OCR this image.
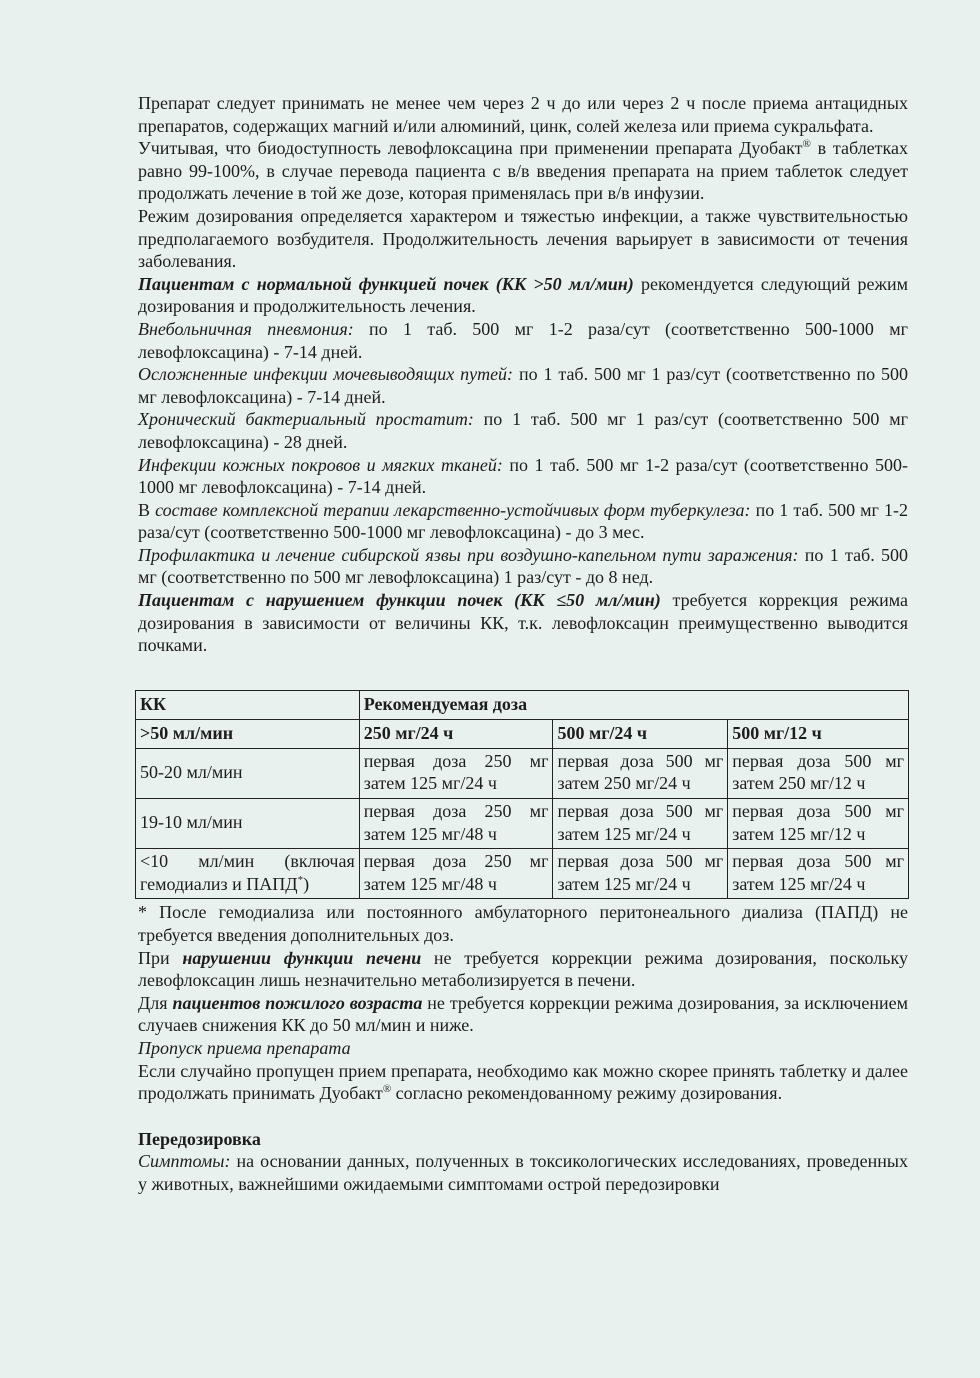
Препарат следует принимать не менее чем через 2 ч до или через 2 ч после приема антацидных препаратов, содержащих магний и/или алюминий, цинк, солей железа или приема сукральфата.

Учитывая, что биодоступность левофлоксацина при применении препарата Дуобакт® в таблетках равно 99-100%, в случае перевода пациента с в/в введения препарата на прием таблеток следует продолжать лечение в той же дозе, которая применялась при в/в инфузии.

Режим дозирования определяется характером и тяжестью инфекции, а также чувствительностью предполагаемого возбудителя. Продолжительность лечения варьирует в зависимости от течения заболевания.

Пациентам с нормальной функцией почек (КК >50 мл/мин) рекомендуется следующий режим дозирования и продолжительность лечения.

Внебольничная пневмония: по 1 таб. 500 мг 1-2 раза/сут (соответственно 500-1000 мг левофлоксацина) - 7-14 дней.

Осложненные инфекции мочевыводящих путей: по 1 таб. 500 мг 1 раз/сут (соответственно по 500 мг левофлоксацина) - 7-14 дней.

Хронический бактериальный простатит: по 1 таб. 500 мг 1 раз/сут (соответственно 500 мг левофлоксацина) - 28 дней.

Инфекции кожных покровов и мягких тканей: по 1 таб. 500 мг 1-2 раза/сут (соответственно 500-1000 мг левофлоксацина) - 7-14 дней.

В составе комплексной терапии лекарственно-устойчивых форм туберкулеза: по 1 таб. 500 мг 1-2 раза/сут (соответственно 500-1000 мг левофлоксацина) - до 3 мес.

Профилактика и лечение сибирской язвы при воздушно-капельном пути заражения: по 1 таб. 500 мг (соответственно по 500 мг левофлоксацина) 1 раз/сут - до 8 нед.

Пациентам с нарушением функции почек (КК ≤50 мл/мин) требуется коррекция режима дозирования в зависимости от величины КК, т.к. левофлоксацин преимущественно выводится почками.

КК	Рекомендуемая доза		
>50 мл/мин	250 мг/24 ч	500 мг/24 ч	500 мг/12 ч
50-20 мл/мин	первая доза 250 мг затем 125 мг/24 ч	первая доза 500 мг затем 250 мг/24 ч	первая доза 500 мг затем 250 мг/12 ч
19-10 мл/мин	первая доза 250 мг затем 125 мг/48 ч	первая доза 500 мг затем 125 мг/24 ч	первая доза 500 мг затем 125 мг/12 ч
<10 мл/мин (включая гемодиализ и ПАПД*)	первая доза 250 мг затем 125 мг/48 ч	первая доза 500 мг затем 125 мг/24 ч	первая доза 500 мг затем 125 мг/24 ч

* После гемодиализа или постоянного амбулаторного перитонеального диализа (ПАПД) не требуется введения дополнительных доз.

При нарушении функции печени не требуется коррекции режима дозирования, поскольку левофлоксацин лишь незначительно метаболизируется в печени.

Для пациентов пожилого возраста не требуется коррекции режима дозирования, за исключением случаев снижения КК до 50 мл/мин и ниже.

Пропуск приема препарата

Если случайно пропущен прием препарата, необходимо как можно скорее принять таблетку и далее продолжать принимать Дуобакт® согласно рекомендованному режиму дозирования.

Передозировка

Симптомы: на основании данных, полученных в токсикологических исследованиях, проведенных у животных, важнейшими ожидаемыми симптомами острой передозировки
